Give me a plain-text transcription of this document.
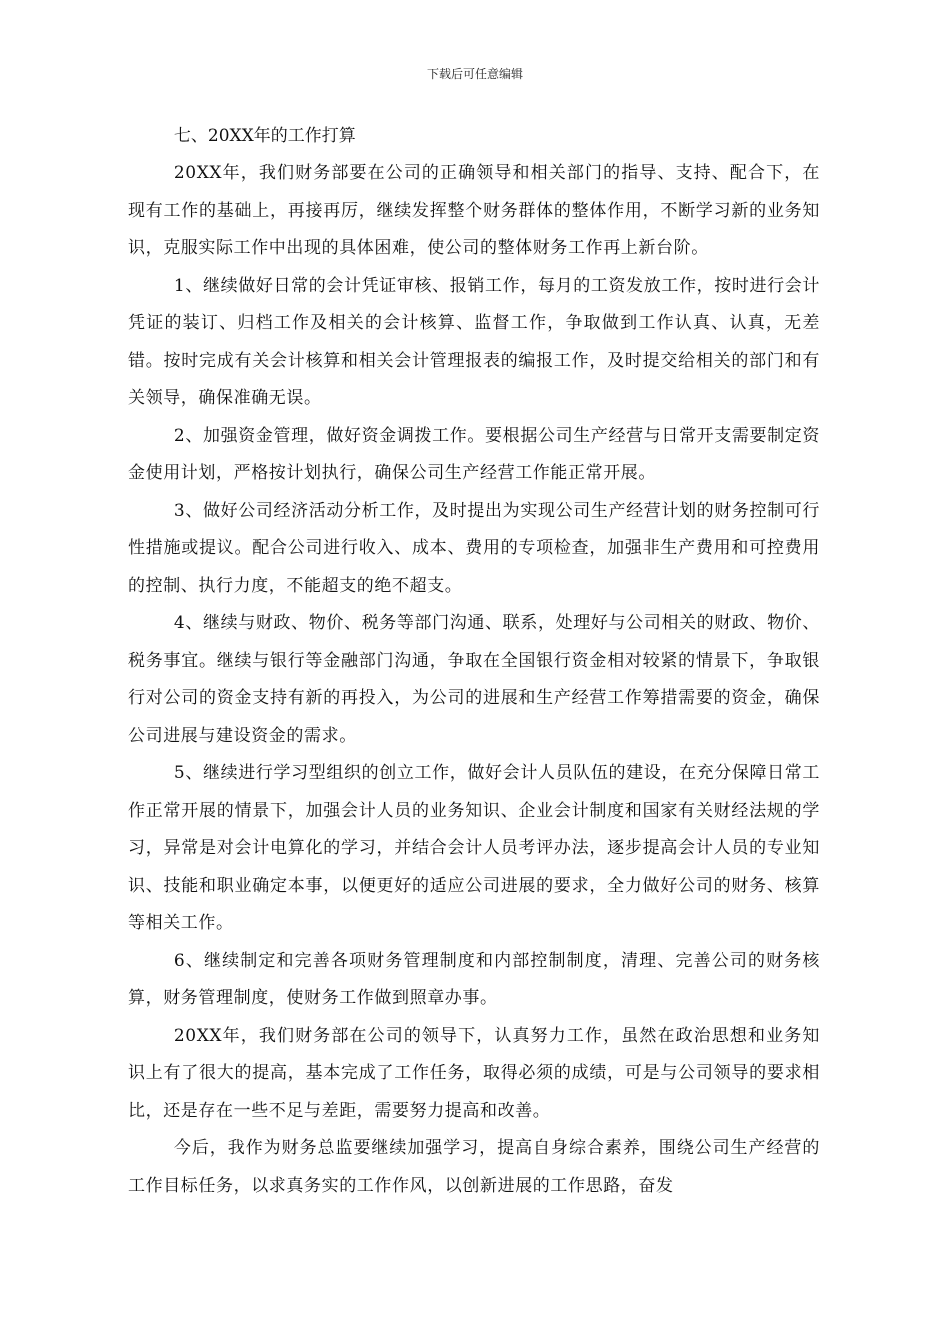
下载后可任意编辑
七、20XX年的工作打算

20XX年，我们财务部要在公司的正确领导和相关部门的指导、支持、配合下，在现有工作的基础上，再接再厉，继续发挥整个财务群体的整体作用，不断学习新的业务知识，克服实际工作中出现的具体困难，使公司的整体财务工作再上新台阶。

1、继续做好日常的会计凭证审核、报销工作，每月的工资发放工作，按时进行会计凭证的装订、归档工作及相关的会计核算、监督工作，争取做到工作认真、认真，无差错。按时完成有关会计核算和相关会计管理报表的编报工作，及时提交给相关的部门和有关领导，确保准确无误。

2、加强资金管理，做好资金调拨工作。要根据公司生产经营与日常开支需要制定资金使用计划，严格按计划执行，确保公司生产经营工作能正常开展。

3、做好公司经济活动分析工作，及时提出为实现公司生产经营计划的财务控制可行性措施或提议。配合公司进行收入、成本、费用的专项检查，加强非生产费用和可控费用的控制、执行力度，不能超支的绝不超支。

4、继续与财政、物价、税务等部门沟通、联系，处理好与公司相关的财政、物价、税务事宜。继续与银行等金融部门沟通，争取在全国银行资金相对较紧的情景下，争取银行对公司的资金支持有新的再投入，为公司的进展和生产经营工作筹措需要的资金，确保公司进展与建设资金的需求。

5、继续进行学习型组织的创立工作，做好会计人员队伍的建设，在充分保障日常工作正常开展的情景下，加强会计人员的业务知识、企业会计制度和国家有关财经法规的学习，异常是对会计电算化的学习，并结合会计人员考评办法，逐步提高会计人员的专业知识、技能和职业确定本事，以便更好的适应公司进展的要求，全力做好公司的财务、核算等相关工作。

6、继续制定和完善各项财务管理制度和内部控制制度，清理、完善公司的财务核算，财务管理制度，使财务工作做到照章办事。

20XX年，我们财务部在公司的领导下，认真努力工作，虽然在政治思想和业务知识上有了很大的提高，基本完成了工作任务，取得必须的成绩，可是与公司领导的要求相比，还是存在一些不足与差距，需要努力提高和改善。

今后，我作为财务总监要继续加强学习，提高自身综合素养，围绕公司生产经营的工作目标任务，以求真务实的工作作风，以创新进展的工作思路，奋发
